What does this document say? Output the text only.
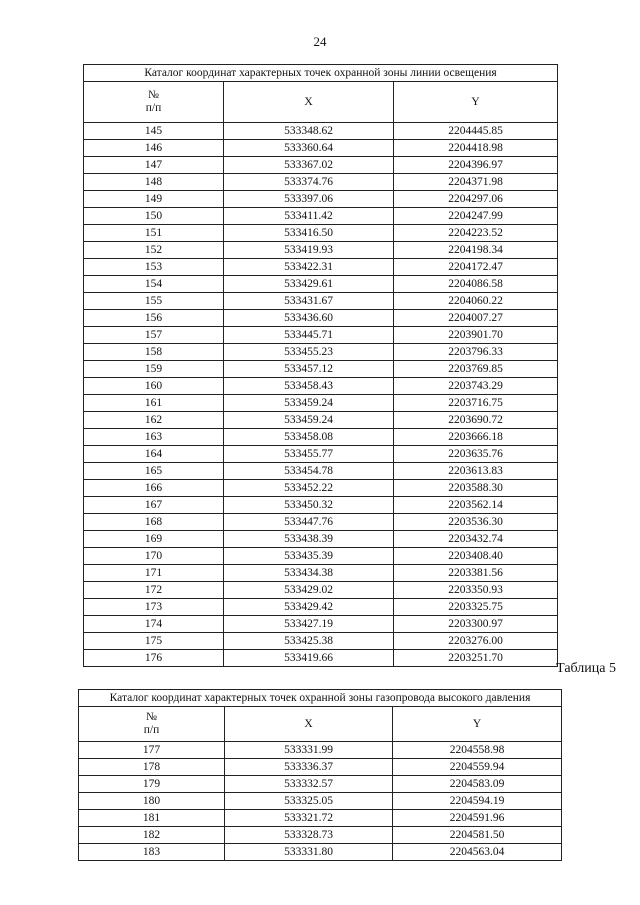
24
Каталог координат характерных точек охранной зоны линии освещения		

№
п/п	X	Y
145	533348.62	2204445.85
146	533360.64	2204418.98
147	533367.02	2204396.97
148	533374.76	2204371.98
149	533397.06	2204297.06
150	533411.42	2204247.99
151	533416.50	2204223.52
152	533419.93	2204198.34
153	533422.31	2204172.47
154	533429.61	2204086.58
155	533431.67	2204060.22
156	533436.60	2204007.27
157	533445.71	2203901.70
158	533455.23	2203796.33
159	533457.12	2203769.85
160	533458.43	2203743.29
161	533459.24	2203716.75
162	533459.24	2203690.72
163	533458.08	2203666.18
164	533455.77	2203635.76
165	533454.78	2203613.83
166	533452.22	2203588.30
167	533450.32	2203562.14
168	533447.76	2203536.30
169	533438.39	2203432.74
170	533435.39	2203408.40
171	533434.38	2203381.56
172	533429.02	2203350.93
173	533429.42	2203325.75
174	533427.19	2203300.97
175	533425.38	2203276.00
176	533419.66	2203251.70
Таблица 5
Каталог координат характерных точек охранной зоны газопровода высокого давления		

№
п/п	X	Y
177	533331.99	2204558.98
178	533336.37	2204559.94
179	533332.57	2204583.09
180	533325.05	2204594.19
181	533321.72	2204591.96
182	533328.73	2204581.50
183	533331.80	2204563.04
